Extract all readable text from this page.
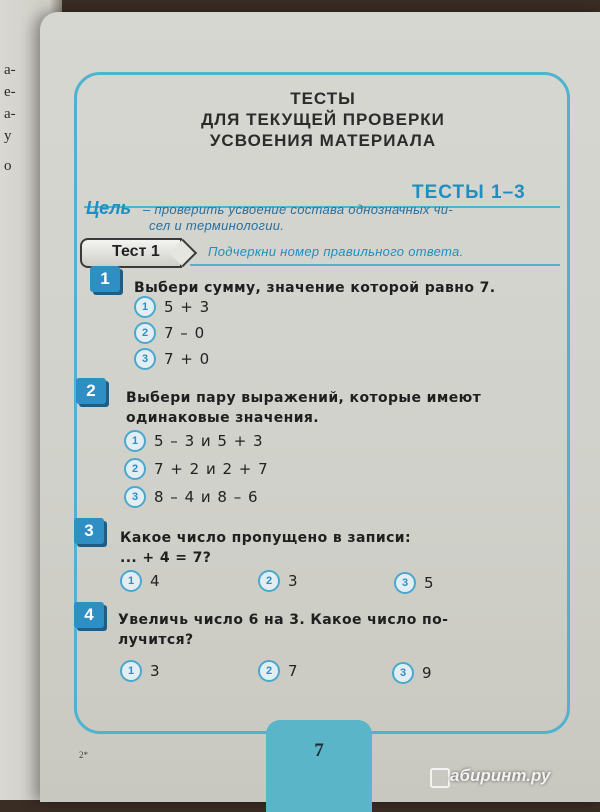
а-
е-
а-
у
о
ТЕСТЫ
ДЛЯ ТЕКУЩЕЙ ПРОВЕРКИ
УСВОЕНИЯ МАТЕРИАЛА
ТЕСТЫ 1–3
Цель – проверить усвоение состава однозначных чи-
сел и терминологии.
Тест 1	Подчеркни номер правильного ответа.
1	Выбери сумму, значение которой равно 7.
1	5 + 3
2	7 – 0
3	7 + 0
2	Выбери пару выражений, которые имеют
одинаковые значения.
1	5 – 3 и 5 + 3
2	7 + 2 и 2 + 7
3	8 – 4 и 8 – 6
3	Какое число пропущено в записи:
... + 4 = 7?
1	4	2	3	3	5
4	Увеличь число 6 на 3. Какое число по-
лучится?
1	3	2	7	3	9
2*	7
абиринт.ру
